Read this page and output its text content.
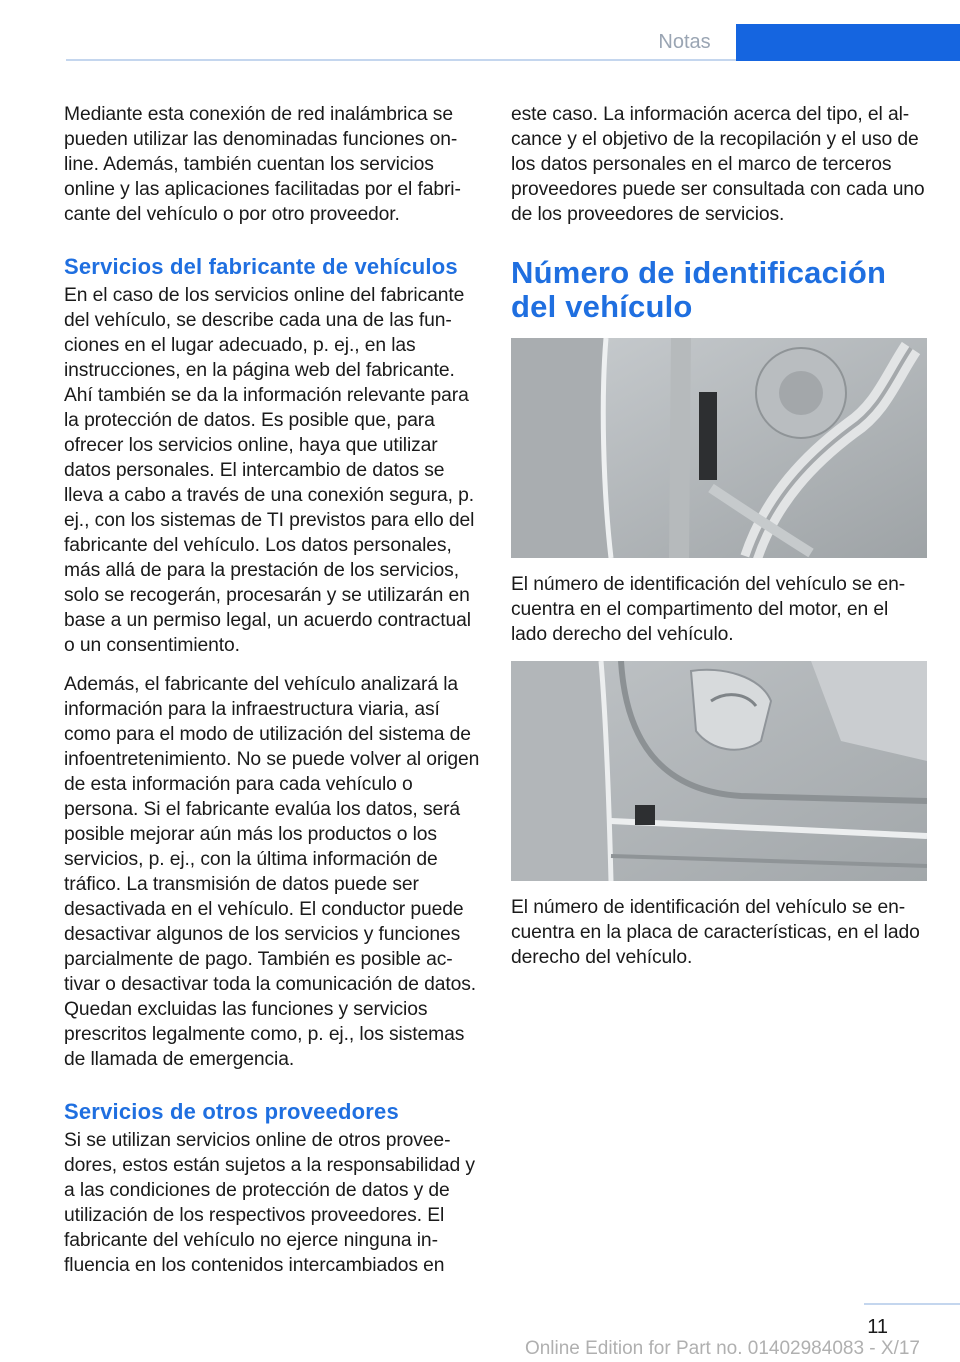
Notas

Mediante esta conexión de red inalámbrica se pueden utilizar las denominadas funciones online. Además, también cuentan los servicios online y las aplicaciones facilitadas por el fabricante del vehículo o por otro proveedor.

Servicios del fabricante de vehículos

En el caso de los servicios online del fabricante del vehículo, se describe cada una de las funciones en el lugar adecuado, p. ej., en las instrucciones, en la página web del fabricante. Ahí también se da la información relevante para la protección de datos. Es posible que, para ofrecer los servicios online, haya que utilizar datos personales. El intercambio de datos se lleva a cabo a través de una conexión segura, p. ej., con los sistemas de TI previstos para ello del fabricante del vehículo. Los datos personales, más allá de para la prestación de los servicios, solo se recogerán, procesarán y se utilizarán en base a un permiso legal, un acuerdo contractual o un consentimiento.

Además, el fabricante del vehículo analizará la información para la infraestructura viaria, así como para el modo de utilización del sistema de infoentretenimiento. No se puede volver al origen de esta información para cada vehículo o persona. Si el fabricante evalúa los datos, será posible mejorar aún más los productos o los servicios, p. ej., con la última información de tráfico. La transmisión de datos puede ser desactivada en el vehículo. El conductor puede desactivar algunos de los servicios y funciones parcialmente de pago. También es posible activar o desactivar toda la comunicación de datos. Quedan excluidas las funciones y servicios prescritos legalmente como, p. ej., los sistemas de llamada de emergencia.

Servicios de otros proveedores

Si se utilizan servicios online de otros proveedores, estos están sujetos a la responsabilidad y a las condiciones de protección de datos y de utilización de los respectivos proveedores. El fabricante del vehículo no ejerce ninguna influencia en los contenidos intercambiados en

este caso. La información acerca del tipo, el alcance y el objetivo de la recopilación y el uso de los datos personales en el marco de terceros proveedores puede ser consultada con cada uno de los proveedores de servicios.

Número de identificación del vehículo

El número de identificación del vehículo se encuentra en el compartimento del motor, en el lado derecho del vehículo.

El número de identificación del vehículo se encuentra en la placa de características, en el lado derecho del vehículo.

11
Online Edition for Part no. 01402984083 - X/17
